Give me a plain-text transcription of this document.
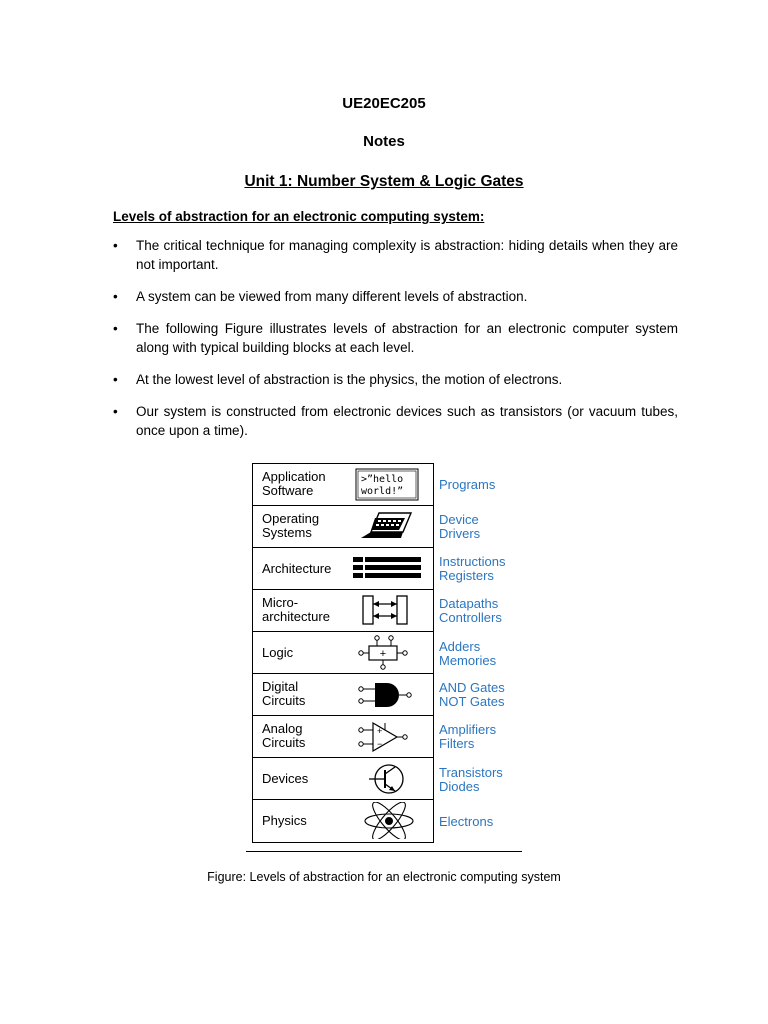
UE20EC205
Notes
Unit 1: Number System & Logic Gates
Levels of abstraction for an electronic computing system:
• The critical technique for managing complexity is abstraction: hiding details when they are not important.
• A system can be viewed from many different levels of abstraction.
• The following Figure illustrates levels of abstraction for an electronic computer system along with typical building blocks at each level.
• At the lowest level of abstraction is the physics, the motion of electrons.
• Our system is constructed from electronic devices such as transistors (or vacuum tubes, once upon a time).
Application
Software
>”hello
world!”
Operating
Systems
Architecture
Micro-
architecture
Logic	+
Digital
Circuits
Analog
Circuits
+
−
Devices
Physics
Programs
Device
Drivers
Instructions
Registers
Datapaths
Controllers
Adders
Memories
AND Gates
NOT Gates
Amplifiers
Filters
Transistors
Diodes
Electrons
Figure: Levels of abstraction for an electronic computing system
